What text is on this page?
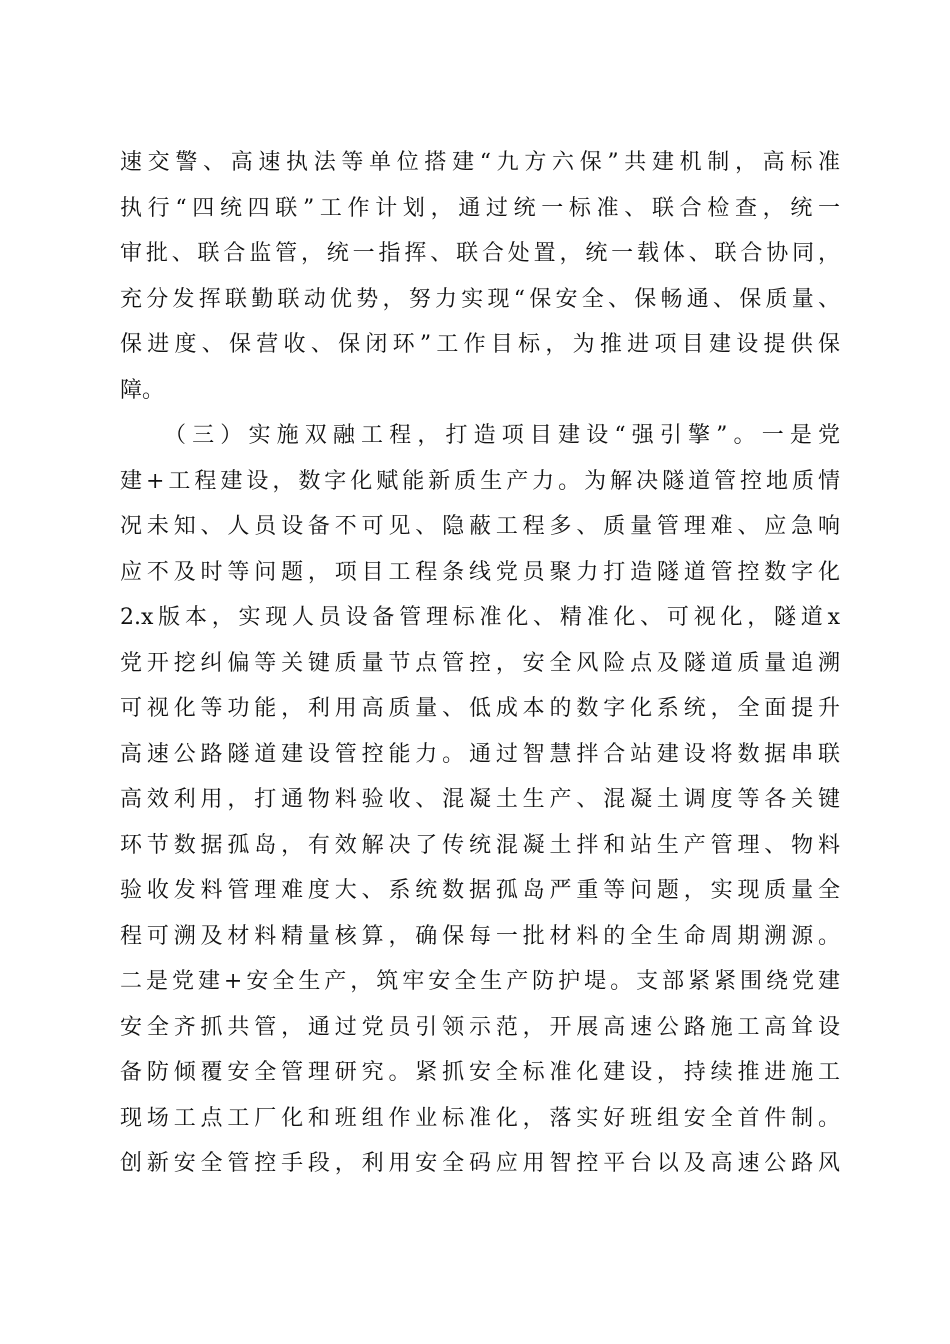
速交警、高速执法等单位搭建“九方六保”共建机制，高标准
执行“四统四联”工作计划，通过统一标准、联合检查，统一
审批、联合监管，统一指挥、联合处置，统一载体、联合协同，
充分发挥联勤联动优势，努力实现“保安全、保畅通、保质量、
保进度、保营收、保闭环”工作目标，为推进项目建设提供保
障。
（三）实施双融工程，打造项目建设“强引擎”。一是党
建+工程建设，数字化赋能新质生产力。为解决隧道管控地质情
况未知、人员设备不可见、隐蔽工程多、质量管理难、应急响
应不及时等问题，项目工程条线党员聚力打造隧道管控数字化
2.x版本，实现人员设备管理标准化、精准化、可视化，隧道x
党开挖纠偏等关键质量节点管控，安全风险点及隧道质量追溯
可视化等功能，利用高质量、低成本的数字化系统，全面提升
高速公路隧道建设管控能力。通过智慧拌合站建设将数据串联
高效利用，打通物料验收、混凝土生产、混凝土调度等各关键
环节数据孤岛，有效解决了传统混凝土拌和站生产管理、物料
验收发料管理难度大、系统数据孤岛严重等问题，实现质量全
程可溯及材料精量核算，确保每一批材料的全生命周期溯源。
二是党建+安全生产，筑牢安全生产防护堤。支部紧紧围绕党建
安全齐抓共管，通过党员引领示范，开展高速公路施工高耸设
备防倾覆安全管理研究。紧抓安全标准化建设，持续推进施工
现场工点工厂化和班组作业标准化，落实好班组安全首件制。
创新安全管控手段，利用安全码应用智控平台以及高速公路风
